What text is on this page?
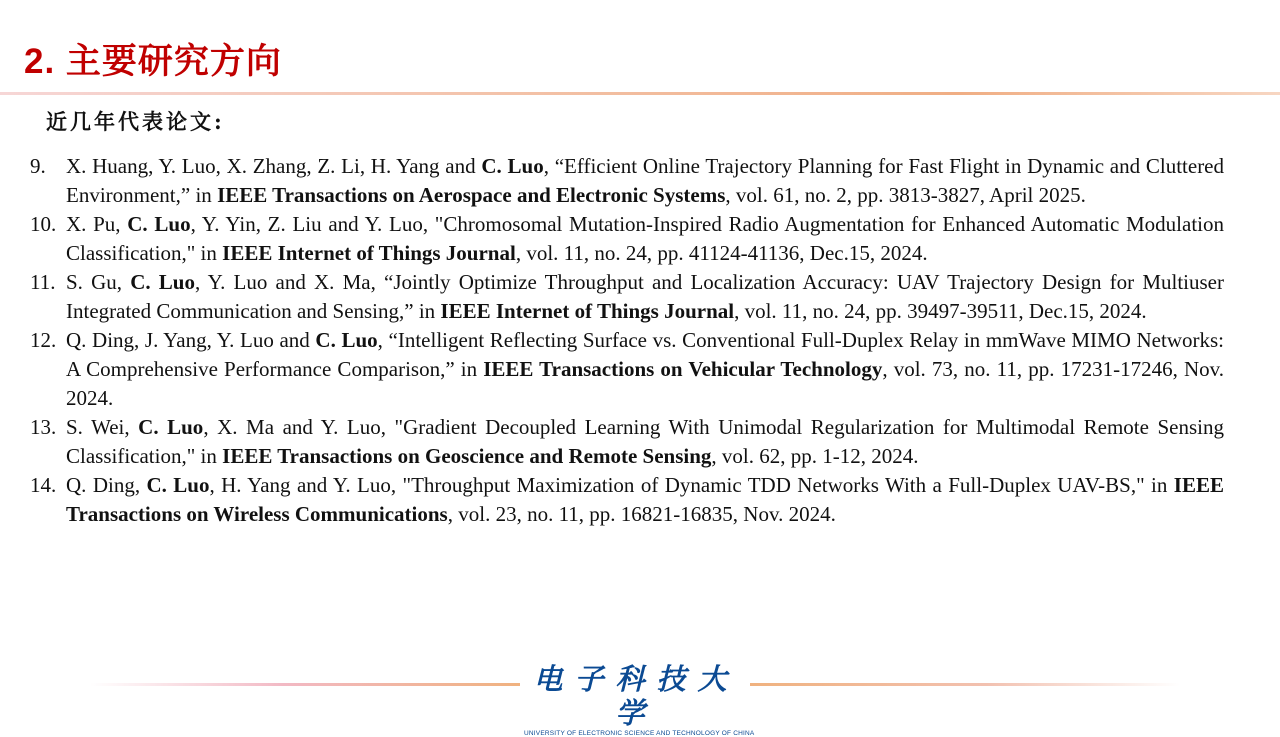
2. 主要研究方向
近几年代表论文:
9. X. Huang, Y. Luo, X. Zhang, Z. Li, H. Yang and C. Luo, “Efficient Online Trajectory Planning for Fast Flight in Dynamic and Cluttered Environment,” in IEEE Transactions on Aerospace and Electronic Systems, vol. 61, no. 2, pp. 3813-3827, April 2025.
10. X. Pu, C. Luo, Y. Yin, Z. Liu and Y. Luo, "Chromosomal Mutation-Inspired Radio Augmentation for Enhanced Automatic Modulation Classification," in IEEE Internet of Things Journal, vol. 11, no. 24, pp. 41124-41136, Dec.15, 2024.
11. S. Gu, C. Luo, Y. Luo and X. Ma, “Jointly Optimize Throughput and Localization Accuracy: UAV Trajectory Design for Multiuser Integrated Communication and Sensing,” in IEEE Internet of Things Journal, vol. 11, no. 24, pp. 39497-39511, Dec.15, 2024.
12. Q. Ding, J. Yang, Y. Luo and C. Luo, “Intelligent Reflecting Surface vs. Conventional Full-Duplex Relay in mmWave MIMO Networks: A Comprehensive Performance Comparison,” in IEEE Transactions on Vehicular Technology, vol. 73, no. 11, pp. 17231-17246, Nov. 2024.
13. S. Wei, C. Luo, X. Ma and Y. Luo, "Gradient Decoupled Learning With Unimodal Regularization for Multimodal Remote Sensing Classification," in IEEE Transactions on Geoscience and Remote Sensing, vol. 62, pp. 1-12, 2024.
14. Q. Ding, C. Luo, H. Yang and Y. Luo, "Throughput Maximization of Dynamic TDD Networks With a Full-Duplex UAV-BS," in IEEE Transactions on Wireless Communications, vol. 23, no. 11, pp. 16821-16835, Nov. 2024.
电子科技大学
UNIVERSITY OF ELECTRONIC SCIENCE AND TECHNOLOGY OF CHINA
